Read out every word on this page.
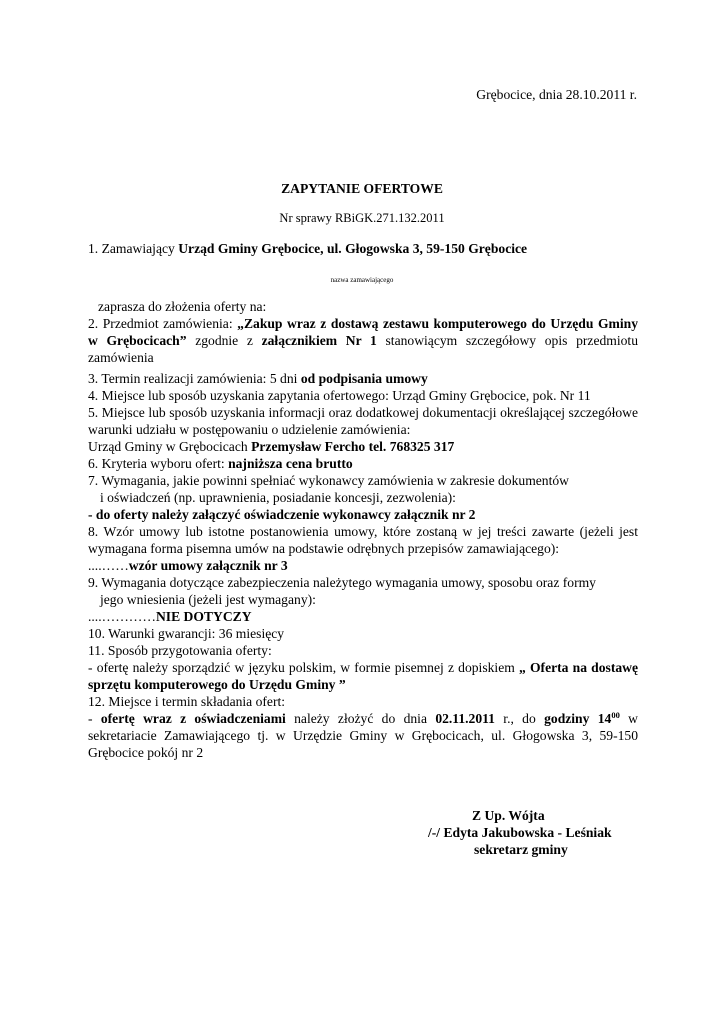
Grębocice, dnia 28.10.2011 r.
ZAPYTANIE OFERTOWE
Nr sprawy RBiGK.271.132.2011
1. Zamawiający Urząd Gminy Grębocice, ul. Głogowska 3, 59-150 Grębocice
nazwa zamawiającego

zaprasza do złożenia oferty na:

2. Przedmiot zamówienia: „Zakup wraz z dostawą zestawu komputerowego do Urzędu Gminy w Grębocicach” zgodnie z załącznikiem Nr 1 stanowiącym szczegółowy opis przedmiotu zamówienia

3. Termin realizacji zamówienia: 5 dni od podpisania umowy

4. Miejsce lub sposób uzyskania zapytania ofertowego: Urząd Gminy Grębocice, pok. Nr 11

5. Miejsce lub sposób uzyskania informacji oraz dodatkowej dokumentacji określającej szczegółowe warunki udziału w postępowaniu o udzielenie zamówienia:

Urząd Gminy w Grębocicach Przemysław Fercho tel. 768325 317

6. Kryteria wyboru ofert: najniższa cena brutto

7. Wymagania, jakie powinni spełniać wykonawcy zamówienia w zakresie dokumentów

i oświadczeń (np. uprawnienia, posiadanie koncesji, zezwolenia):

- do oferty należy załączyć oświadczenie wykonawcy załącznik nr 2

8. Wzór umowy lub istotne postanowienia umowy, które zostaną w jej treści zawarte (jeżeli jest wymagana forma pisemna umów na podstawie odrębnych przepisów zamawiającego):

....……wzór umowy załącznik nr 3

9. Wymagania dotyczące zabezpieczenia należytego wymagania umowy, sposobu oraz formy

jego wniesienia (jeżeli jest wymagany):

....…………NIE DOTYCZY

10. Warunki gwarancji: 36 miesięcy

11. Sposób przygotowania oferty:

- ofertę należy sporządzić w języku polskim, w formie pisemnej z dopiskiem „ Oferta na dostawę sprzętu komputerowego do Urzędu Gminy ”

12. Miejsce i termin składania ofert:

- ofertę wraz z oświadczeniami należy złożyć do dnia 02.11.2011 r., do godziny $14^{00}$ w sekretariacie Zamawiającego tj. w Urzędzie Gminy w Grębocicach, ul. Głogowska 3, 59-150 Grębocice pokój nr 2

Z Up. Wójta
/-/ Edyta Jakubowska - Leśniak
sekretarz gminy
